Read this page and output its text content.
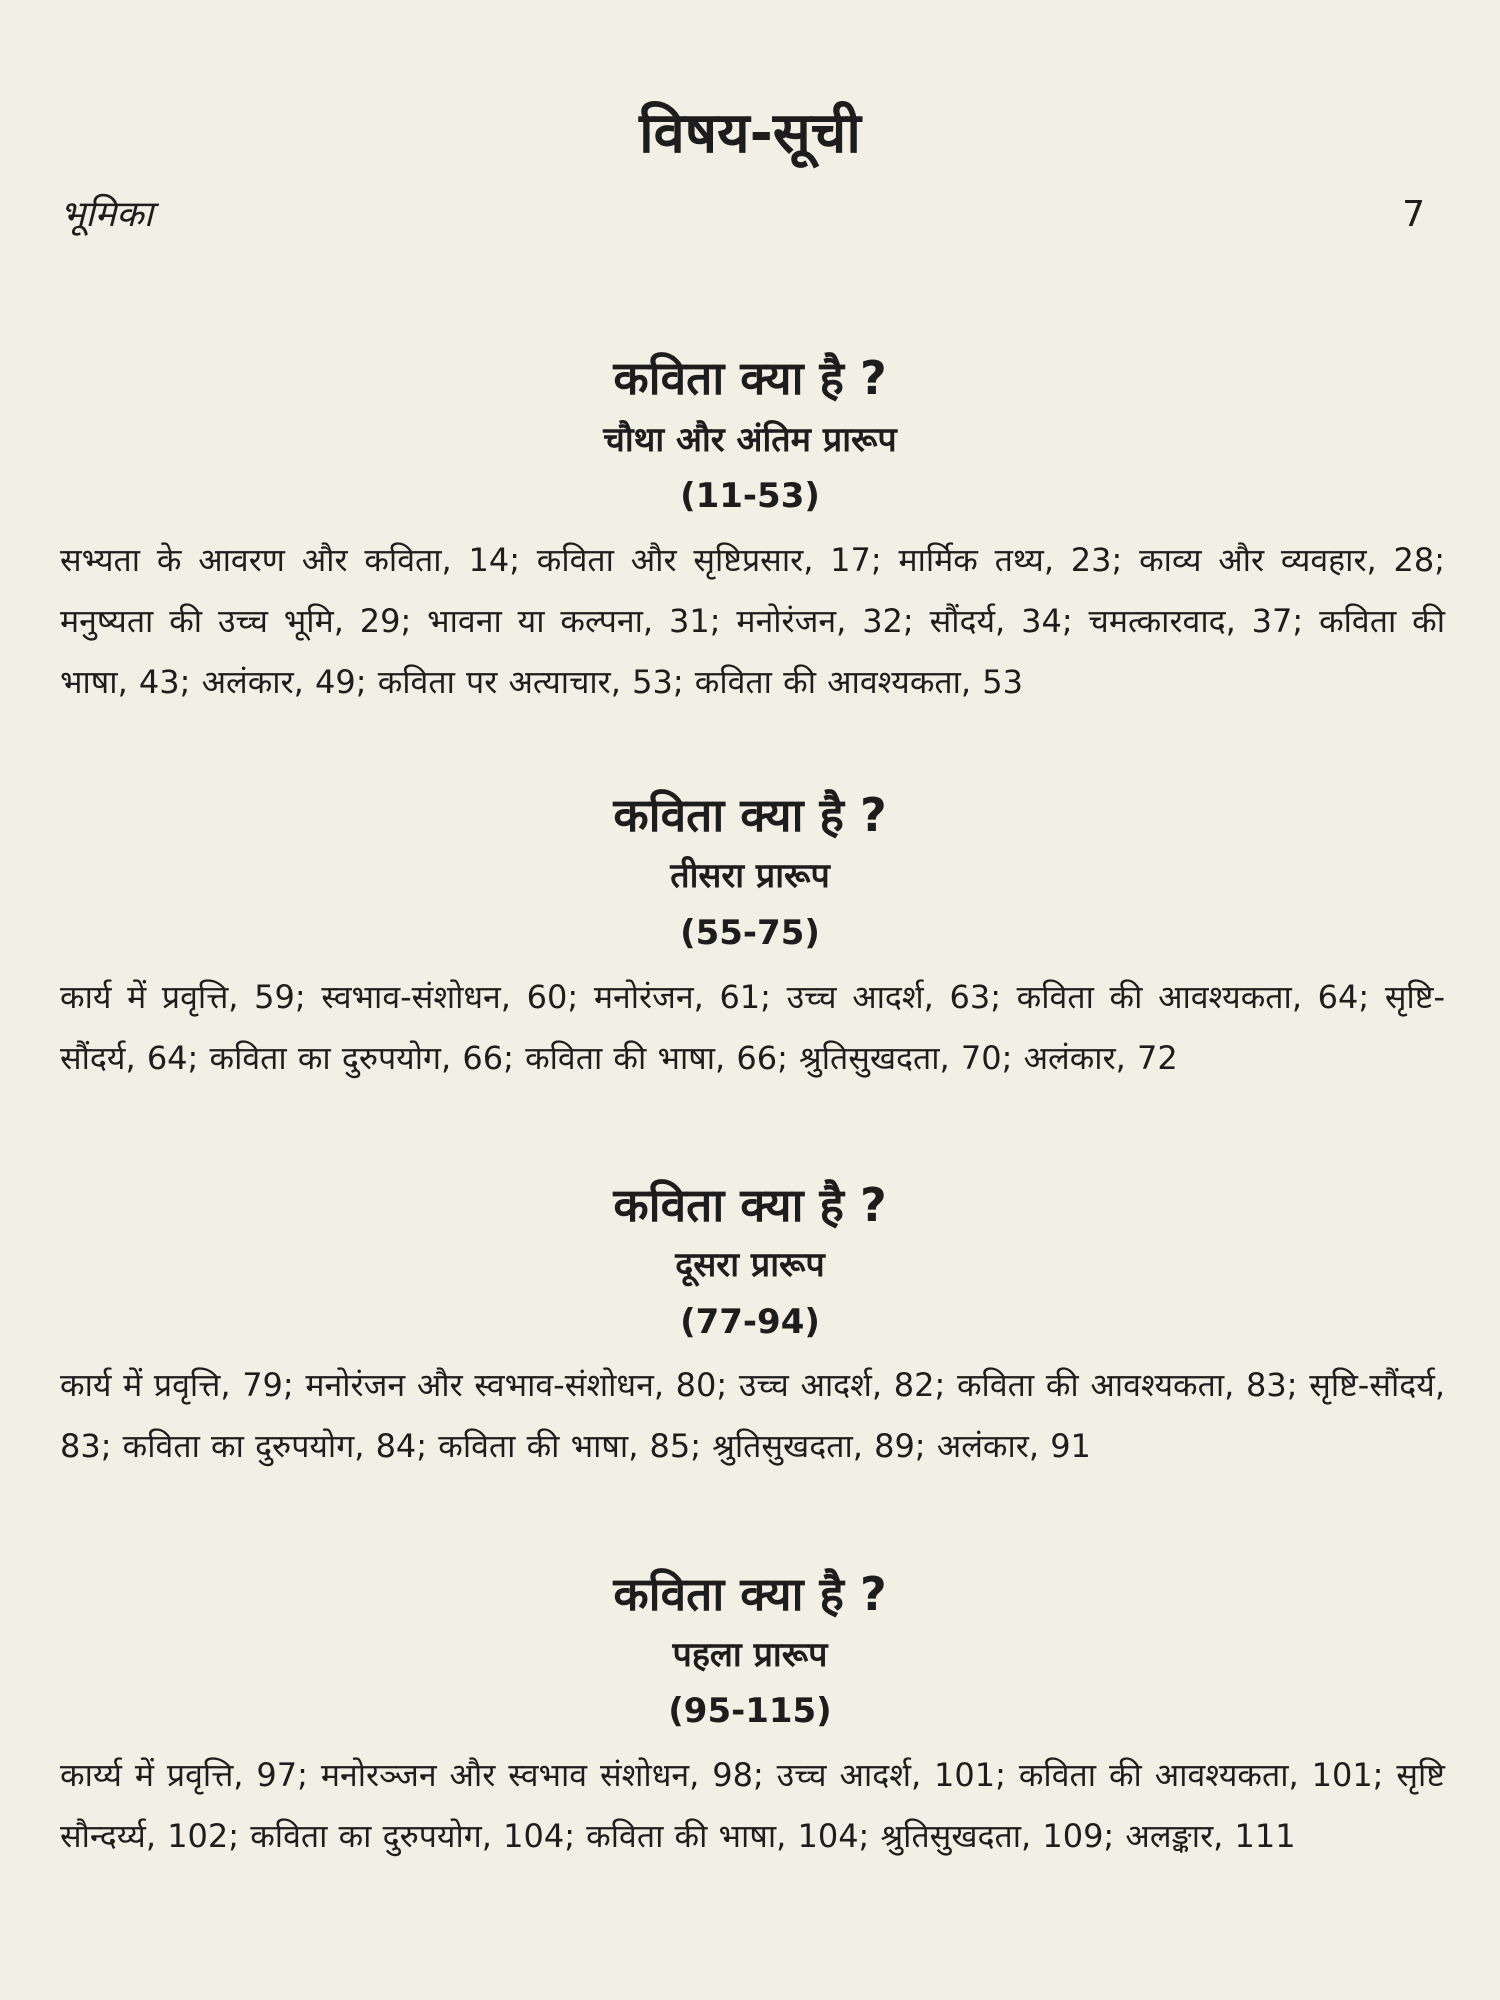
विषय-सूची
भूमिका	7
कविता क्या है ?
चौथा और अंतिम प्रारूप
(11-53)
सभ्यता के आवरण और कविता, 14; कविता और सृष्टिप्रसार, 17; मार्मिक तथ्य, 23; काव्य और व्यवहार, 28; मनुष्यता की उच्च भूमि, 29; भावना या कल्पना, 31; मनोरंजन, 32; सौंदर्य, 34; चमत्कारवाद, 37; कविता की भाषा, 43; अलंकार, 49; कविता पर अत्याचार, 53; कविता की आवश्यकता, 53
कविता क्या है ?
तीसरा प्रारूप
(55-75)
कार्य में प्रवृत्ति, 59; स्वभाव-संशोधन, 60; मनोरंजन, 61; उच्च आदर्श, 63; कविता की आवश्यकता, 64; सृष्टि-सौंदर्य, 64; कविता का दुरुपयोग, 66; कविता की भाषा, 66; श्रुतिसुखदता, 70; अलंकार, 72
कविता क्या है ?
दूसरा प्रारूप
(77-94)
कार्य में प्रवृत्ति, 79; मनोरंजन और स्वभाव-संशोधन, 80; उच्च आदर्श, 82; कविता की आवश्यकता, 83; सृष्टि-सौंदर्य, 83; कविता का दुरुपयोग, 84; कविता की भाषा, 85; श्रुतिसुखदता, 89; अलंकार, 91
कविता क्या है ?
पहला प्रारूप
(95-115)
कार्य्य में प्रवृत्ति, 97; मनोरञ्जन और स्वभाव संशोधन, 98; उच्च आदर्श, 101; कविता की आवश्यकता, 101; सृष्टि सौन्दर्य्य, 102; कविता का दुरुपयोग, 104; कविता की भाषा, 104; श्रुतिसुखदता, 109; अलङ्कार, 111
